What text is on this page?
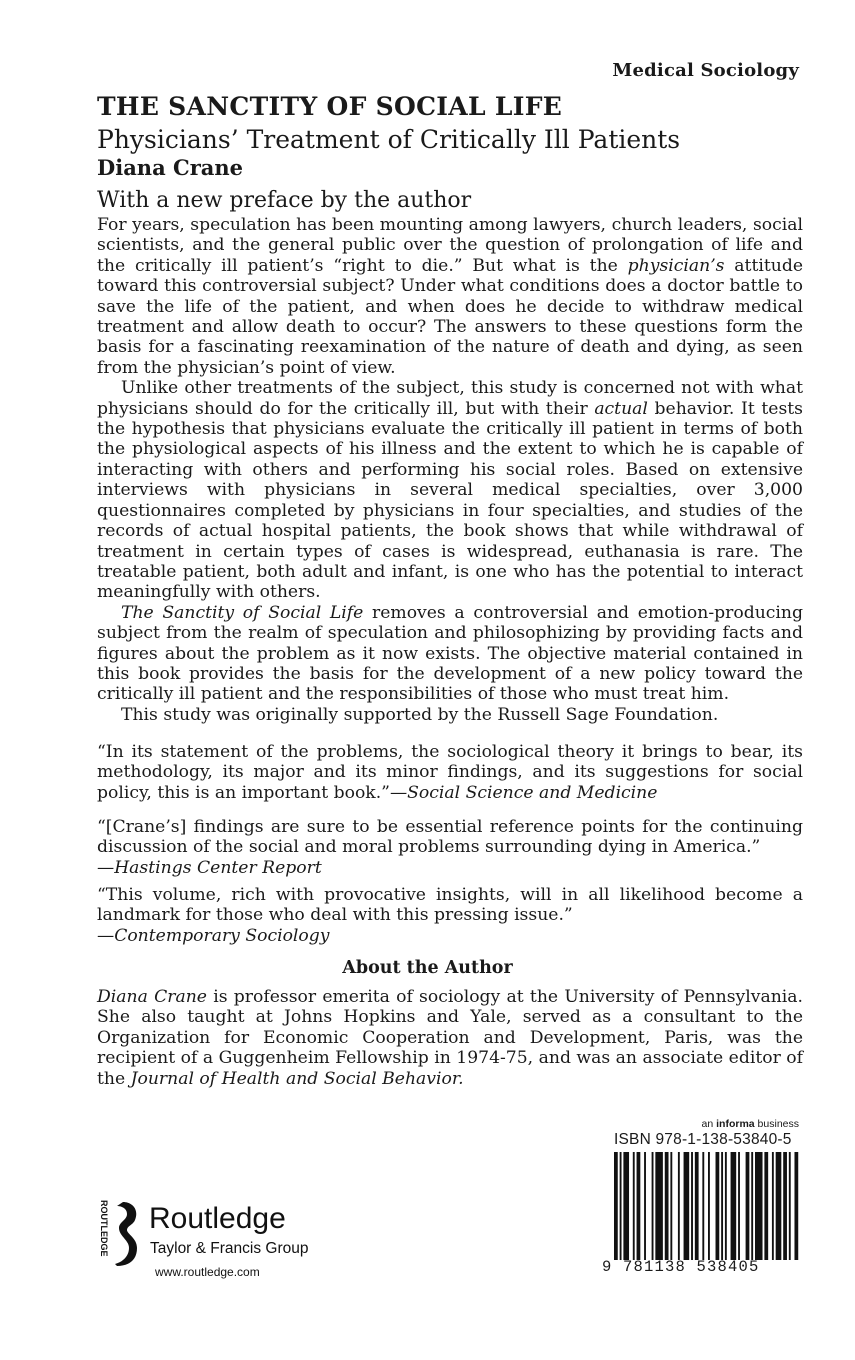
Medical Sociology
THE SANCTITY OF SOCIAL LIFE
Physicians’ Treatment of Critically Ill Patients
Diana Crane
With a new preface by the author

For years, speculation has been mounting among lawyers, church leaders, social scientists, and the general public over the question of prolongation of life and the critically ill patient’s “right to die.” But what is the physician’s attitude toward this controversial subject? Under what conditions does a doctor battle to save the life of the patient, and when does he decide to withdraw medical treatment and allow death to occur? The answers to these questions form the basis for a fascinating reexamination of the nature of death and dying, as seen from the physician’s point of view.

Unlike other treatments of the subject, this study is concerned not with what physicians should do for the critically ill, but with their actual behavior. It tests the hypothesis that physicians evaluate the critically ill patient in terms of both the physiological aspects of his illness and the extent to which he is capable of interacting with others and performing his social roles. Based on extensive interviews with physicians in several medical specialties, over 3,000 questionnaires completed by physicians in four specialties, and studies of the records of actual hospital patients, the book shows that while withdrawal of treatment in certain types of cases is widespread, euthanasia is rare. The treatable patient, both adult and infant, is one who has the potential to interact meaningfully with others.

The Sanctity of Social Life removes a controversial and emotion-producing subject from the realm of speculation and philosophizing by providing facts and figures about the problem as it now exists. The objective material contained in this book provides the basis for the development of a new policy toward the critically ill patient and the responsibilities of those who must treat him.

This study was originally supported by the Russell Sage Foundation.

“In its statement of the problems, the sociological theory it brings to bear, its methodology, its major and its minor findings, and its suggestions for social policy, this is an important book.”—Social Science and Medicine

“[Crane’s] findings are sure to be essential reference points for the continuing discussion of the social and moral problems surrounding dying in America.”

—Hastings Center Report

“This volume, rich with provocative insights, will in all likelihood become a landmark for those who deal with this pressing issue.”

—Contemporary Sociology

About the Author

Diana Crane is professor emerita of sociology at the University of Pennsylvania. She also taught at Johns Hopkins and Yale, served as a consultant to the Organization for Economic Cooperation and Development, Paris, was the recipient of a Guggenheim Fellowship in 1974-75, and was an associate editor of the Journal of Health and Social Behavior.

ROUTLEDGE Routledge
Taylor & Francis Group
www.routledge.com
an informa business
ISBN 978-1-138-53840-5
9 781138 538405
